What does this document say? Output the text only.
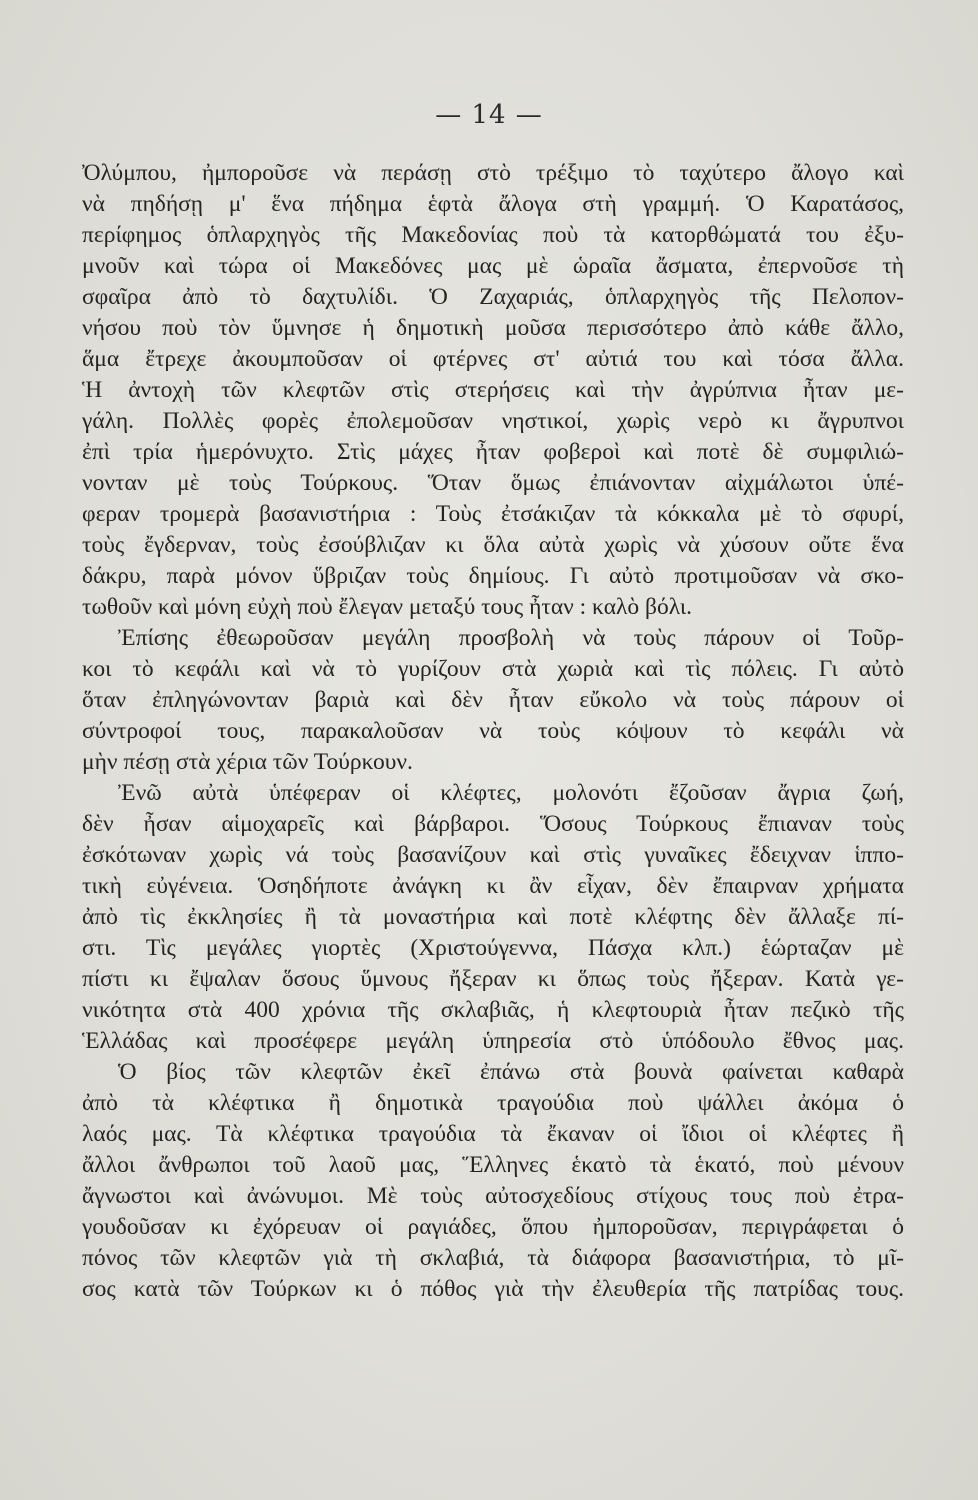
— 14 —
Ὀλύμπου, ἠμποροῦσε νὰ περάσῃ στὸ τρέξιμο τὸ ταχύτερο ἄλογο καὶ
νὰ πηδήσῃ μ' ἕνα πήδημα ἑφτὰ ἄλογα στὴ γραμμή. Ὁ Καρατάσος,
περίφημος ὁπλαρχηγὸς τῆς Μακεδονίας ποὺ τὰ κατορθώματά του ἐξυ-
μνοῦν καὶ τώρα οἱ Μακεδόνες μας μὲ ὡραῖα ἄσματα, ἐπερνοῦσε τὴ
σφαῖρα ἀπὸ τὸ δαχτυλίδι. Ὁ Ζαχαριάς, ὁπλαρχηγὸς τῆς Πελοπον-
νήσου ποὺ τὸν ὕμνησε ἡ δημοτικὴ μοῦσα περισσότερο ἀπὸ κάθε ἄλλο,
ἅμα ἔτρεχε ἀκουμποῦσαν οἱ φτέρνες στ' αὐτιά του καὶ τόσα ἄλλα.
Ἡ ἀντοχὴ τῶν κλεφτῶν στὶς στερήσεις καὶ τὴν ἀγρύπνια ἦταν με-
γάλη. Πολλὲς φορὲς ἐπολεμοῦσαν νηστικοί, χωρὶς νερὸ κι ἄγρυπνοι
ἐπὶ τρία ἡμερόνυχτο. Στὶς μάχες ἦταν φοβεροὶ καὶ ποτὲ δὲ συμφιλιώ-
νονταν μὲ τοὺς Τούρκους. Ὅταν ὅμως ἐπιάνονταν αἰχμάλωτοι ὑπέ-
φεραν τρομερὰ βασανιστήρια : Τοὺς ἐτσάκιζαν τὰ κόκκαλα μὲ τὸ σφυρί,
τοὺς ἔγδερναν, τοὺς ἐσούβλιζαν κι ὅλα αὐτὰ χωρὶς νὰ χύσουν οὔτε ἕνα
δάκρυ, παρὰ μόνον ὕβριζαν τοὺς δημίους. Γι αὐτὸ προτιμοῦσαν νὰ σκο-
τωθοῦν καὶ μόνη εὐχὴ ποὺ ἔλεγαν μεταξύ τους ἦταν : καλὸ βόλι.
Ἐπίσης ἐθεωροῦσαν μεγάλη προσβολὴ νὰ τοὺς πάρουν οἱ Τοῦρ-
κοι τὸ κεφάλι καὶ νὰ τὸ γυρίζουν στὰ χωριὰ καὶ τὶς πόλεις. Γι αὐτὸ
ὅταν ἐπληγώνονταν βαριὰ καὶ δὲν ἦταν εὔκολο νὰ τοὺς πάρουν οἱ
σύντροφοί τους, παρακαλοῦσαν νὰ τοὺς κόψουν τὸ κεφάλι νὰ
μὴν πέσῃ στὰ χέρια τῶν Τούρκουν.
Ἐνῶ αὐτὰ ὑπέφεραν οἱ κλέφτες, μολονότι ἔζοῦσαν ἄγρια ζωή,
δὲν ἦσαν αἱμοχαρεῖς καὶ βάρβαροι. Ὅσους Τούρκους ἔπιαναν τοὺς
ἐσκότωναν χωρὶς νά τοὺς βασανίζουν καὶ στὶς γυναῖκες ἔδειχναν ἱππο-
τικὴ εὐγένεια. Ὁσηδήποτε ἀνάγκη κι ἂν εἶχαν, δὲν ἔπαιρναν χρήματα
ἀπὸ τὶς ἐκκλησίες ἢ τὰ μοναστήρια καὶ ποτὲ κλέφτης δὲν ἄλλαξε πί-
στι. Τὶς μεγάλες γιορτὲς (Χριστούγεννα, Πάσχα κλπ.) ἑώρταζαν μὲ
πίστι κι ἔψαλαν ὅσους ὕμνους ἤξεραν κι ὅπως τοὺς ἤξεραν. Κατὰ γε-
νικότητα στὰ 400 χρόνια τῆς σκλαβιᾶς, ἡ κλεφτουριὰ ἦταν πεζικὸ τῆς
Ἑλλάδας καὶ προσέφερε μεγάλη ὑπηρεσία στὸ ὑπόδουλο ἔθνος μας.
Ὁ βίος τῶν κλεφτῶν ἐκεῖ ἐπάνω στὰ βουνὰ φαίνεται καθαρὰ
ἀπὸ τὰ κλέφτικα ἢ δημοτικὰ τραγούδια ποὺ ψάλλει ἀκόμα ὁ
λαός μας. Τὰ κλέφτικα τραγούδια τὰ ἔκαναν οἱ ἴδιοι οἱ κλέφτες ἢ
ἄλλοι ἄνθρωποι τοῦ λαοῦ μας, Ἕλληνες ἑκατὸ τὰ ἑκατό, ποὺ μένουν
ἄγνωστοι καὶ ἀνώνυμοι. Μὲ τοὺς αὐτοσχεδίους στίχους τους ποὺ ἐτρα-
γουδοῦσαν κι ἐχόρευαν οἱ ραγιάδες, ὅπου ἠμποροῦσαν, περιγράφεται ὁ
πόνος τῶν κλεφτῶν γιὰ τὴ σκλαβιά, τὰ διάφορα βασανιστήρια, τὸ μῖ-
σος κατὰ τῶν Τούρκων κι ὁ πόθος γιὰ τὴν ἐλευθερία τῆς πατρίδας τους.
